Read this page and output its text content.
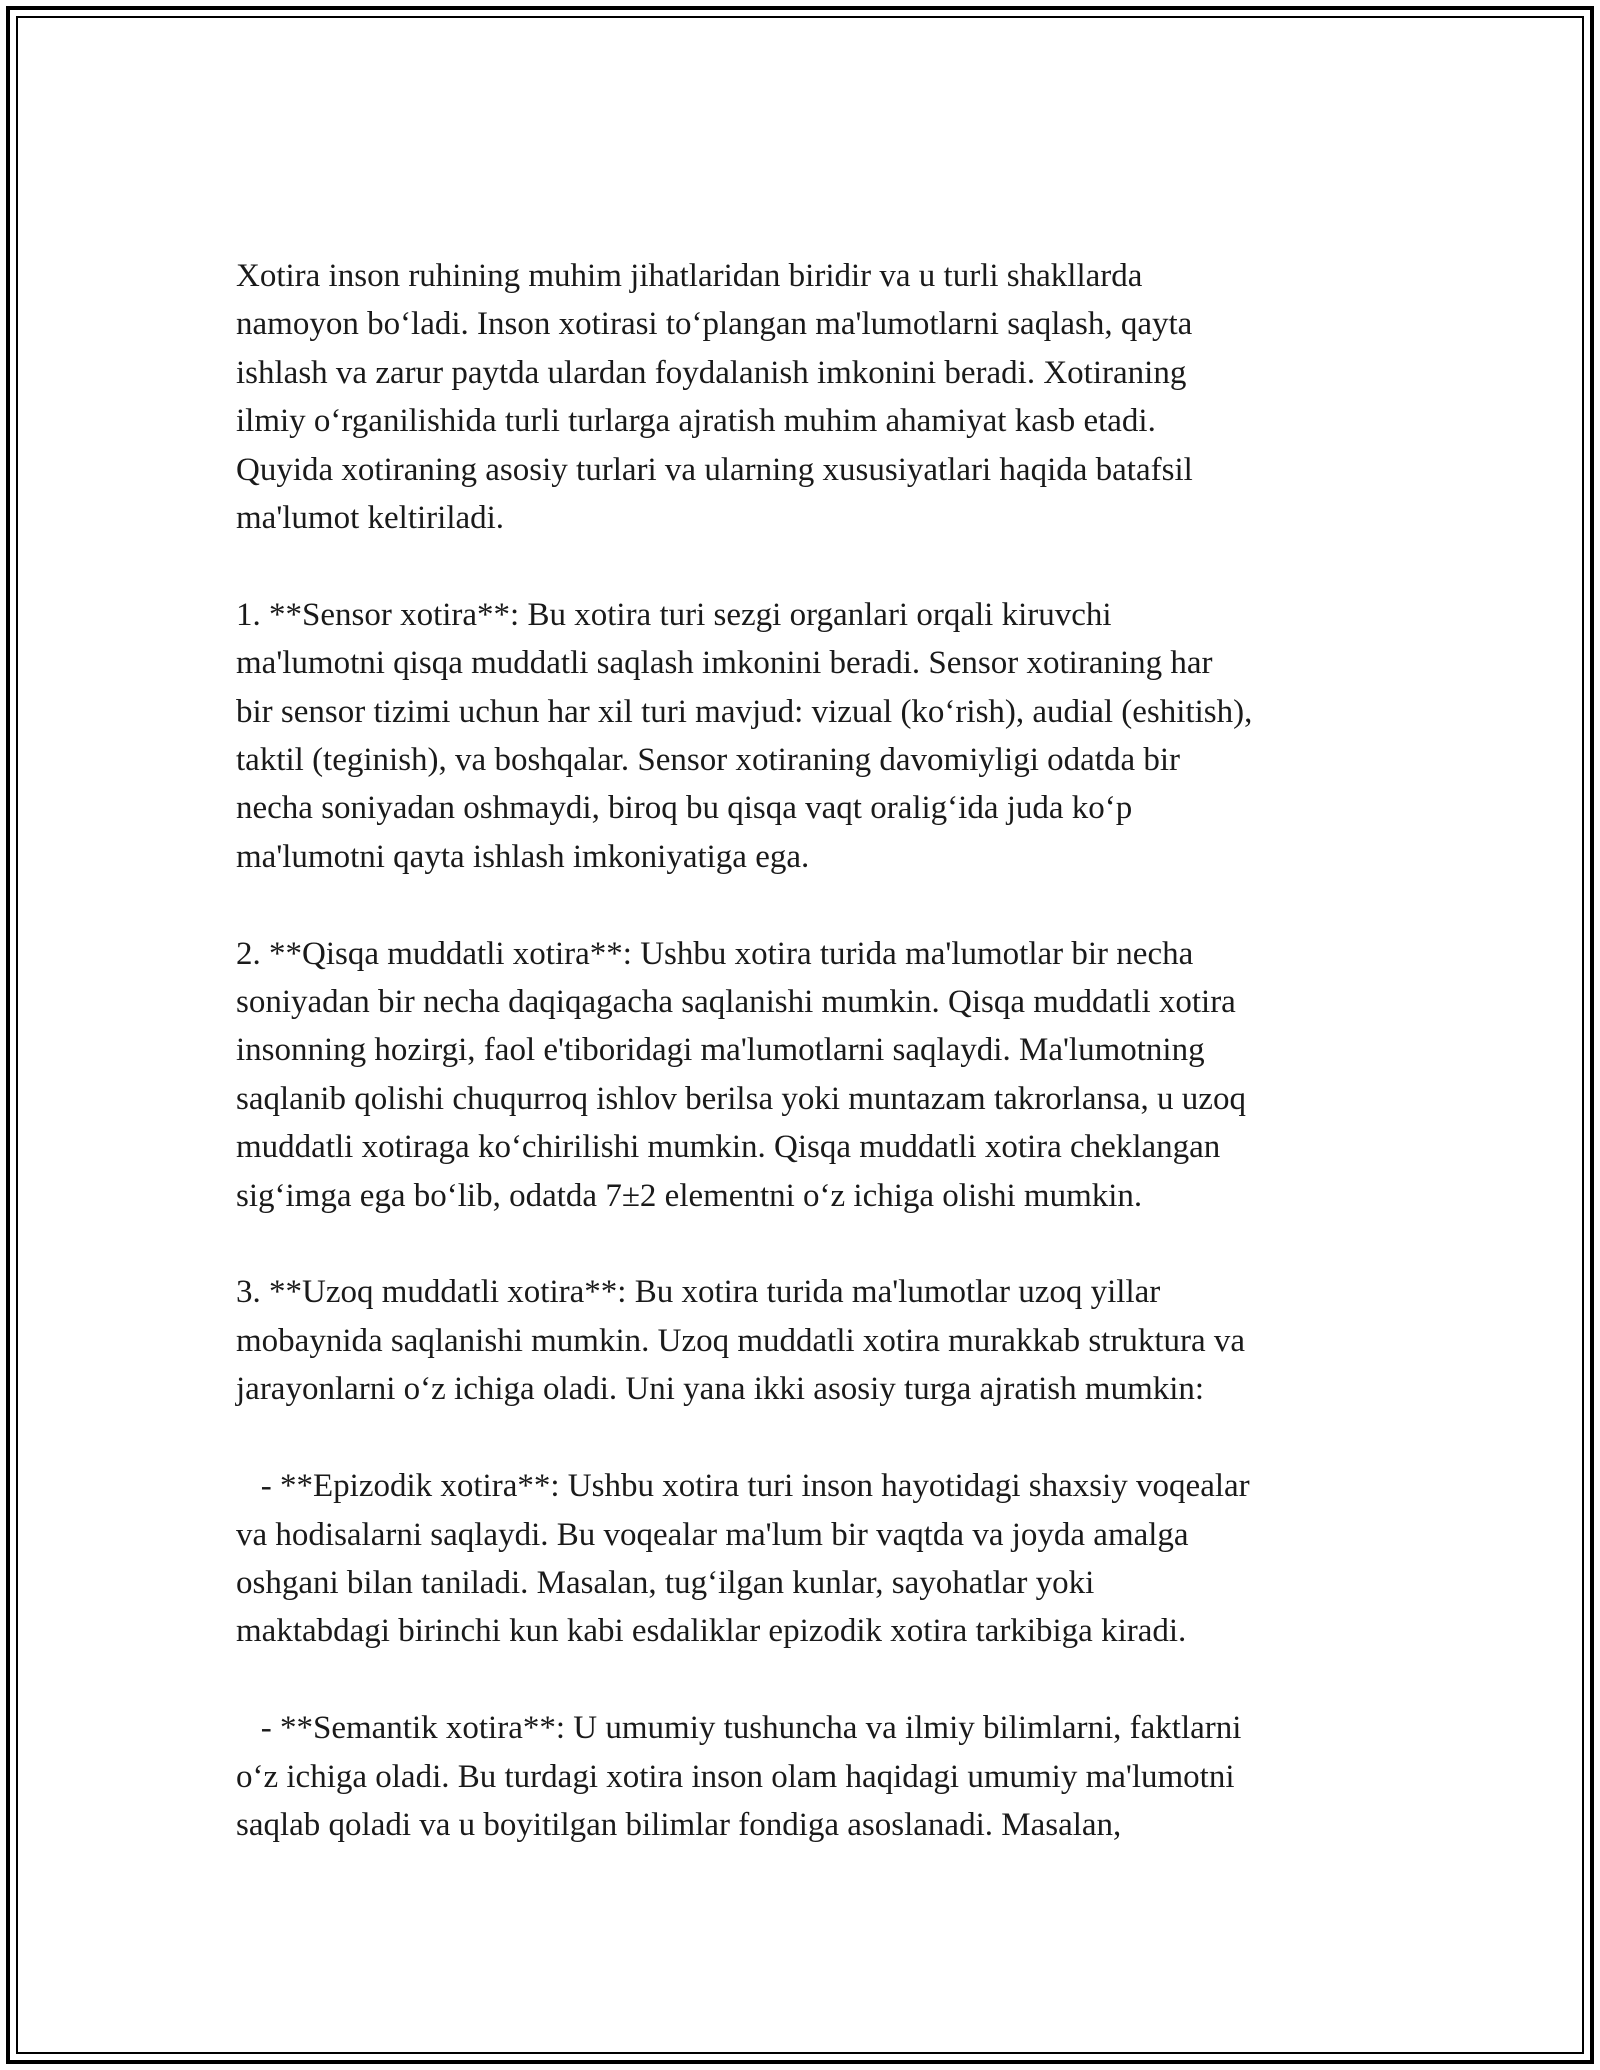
Xotira inson ruhining muhim jihatlaridan biridir va u turli shakllarda
namoyon bo‘ladi. Inson xotirasi to‘plangan ma'lumotlarni saqlash, qayta
ishlash va zarur paytda ulardan foydalanish imkonini beradi. Xotiraning
ilmiy o‘rganilishida turli turlarga ajratish muhim ahamiyat kasb etadi.
Quyida xotiraning asosiy turlari va ularning xususiyatlari haqida batafsil
ma'lumot keltiriladi.

1. **Sensor xotira**: Bu xotira turi sezgi organlari orqali kiruvchi
ma'lumotni qisqa muddatli saqlash imkonini beradi. Sensor xotiraning har
bir sensor tizimi uchun har xil turi mavjud: vizual (ko‘rish), audial (eshitish),
taktil (teginish), va boshqalar. Sensor xotiraning davomiyligi odatda bir
necha soniyadan oshmaydi, biroq bu qisqa vaqt oralig‘ida juda ko‘p
ma'lumotni qayta ishlash imkoniyatiga ega.

2. **Qisqa muddatli xotira**: Ushbu xotira turida ma'lumotlar bir necha
soniyadan bir necha daqiqagacha saqlanishi mumkin. Qisqa muddatli xotira
insonning hozirgi, faol e'tiboridagi ma'lumotlarni saqlaydi. Ma'lumotning
saqlanib qolishi chuqurroq ishlov berilsa yoki muntazam takrorlansa, u uzoq
muddatli xotiraga ko‘chirilishi mumkin. Qisqa muddatli xotira cheklangan
sig‘imga ega bo‘lib, odatda 7±2 elementni o‘z ichiga olishi mumkin.

3. **Uzoq muddatli xotira**: Bu xotira turida ma'lumotlar uzoq yillar
mobaynida saqlanishi mumkin. Uzoq muddatli xotira murakkab struktura va
jarayonlarni o‘z ichiga oladi. Uni yana ikki asosiy turga ajratish mumkin:

- **Epizodik xotira**: Ushbu xotira turi inson hayotidagi shaxsiy voqealar
va hodisalarni saqlaydi. Bu voqealar ma'lum bir vaqtda va joyda amalga
oshgani bilan taniladi. Masalan, tug‘ilgan kunlar, sayohatlar yoki
maktabdagi birinchi kun kabi esdaliklar epizodik xotira tarkibiga kiradi.

- **Semantik xotira**: U umumiy tushuncha va ilmiy bilimlarni, faktlarni
o‘z ichiga oladi. Bu turdagi xotira inson olam haqidagi umumiy ma'lumotni
saqlab qoladi va u boyitilgan bilimlar fondiga asoslanadi. Masalan,
